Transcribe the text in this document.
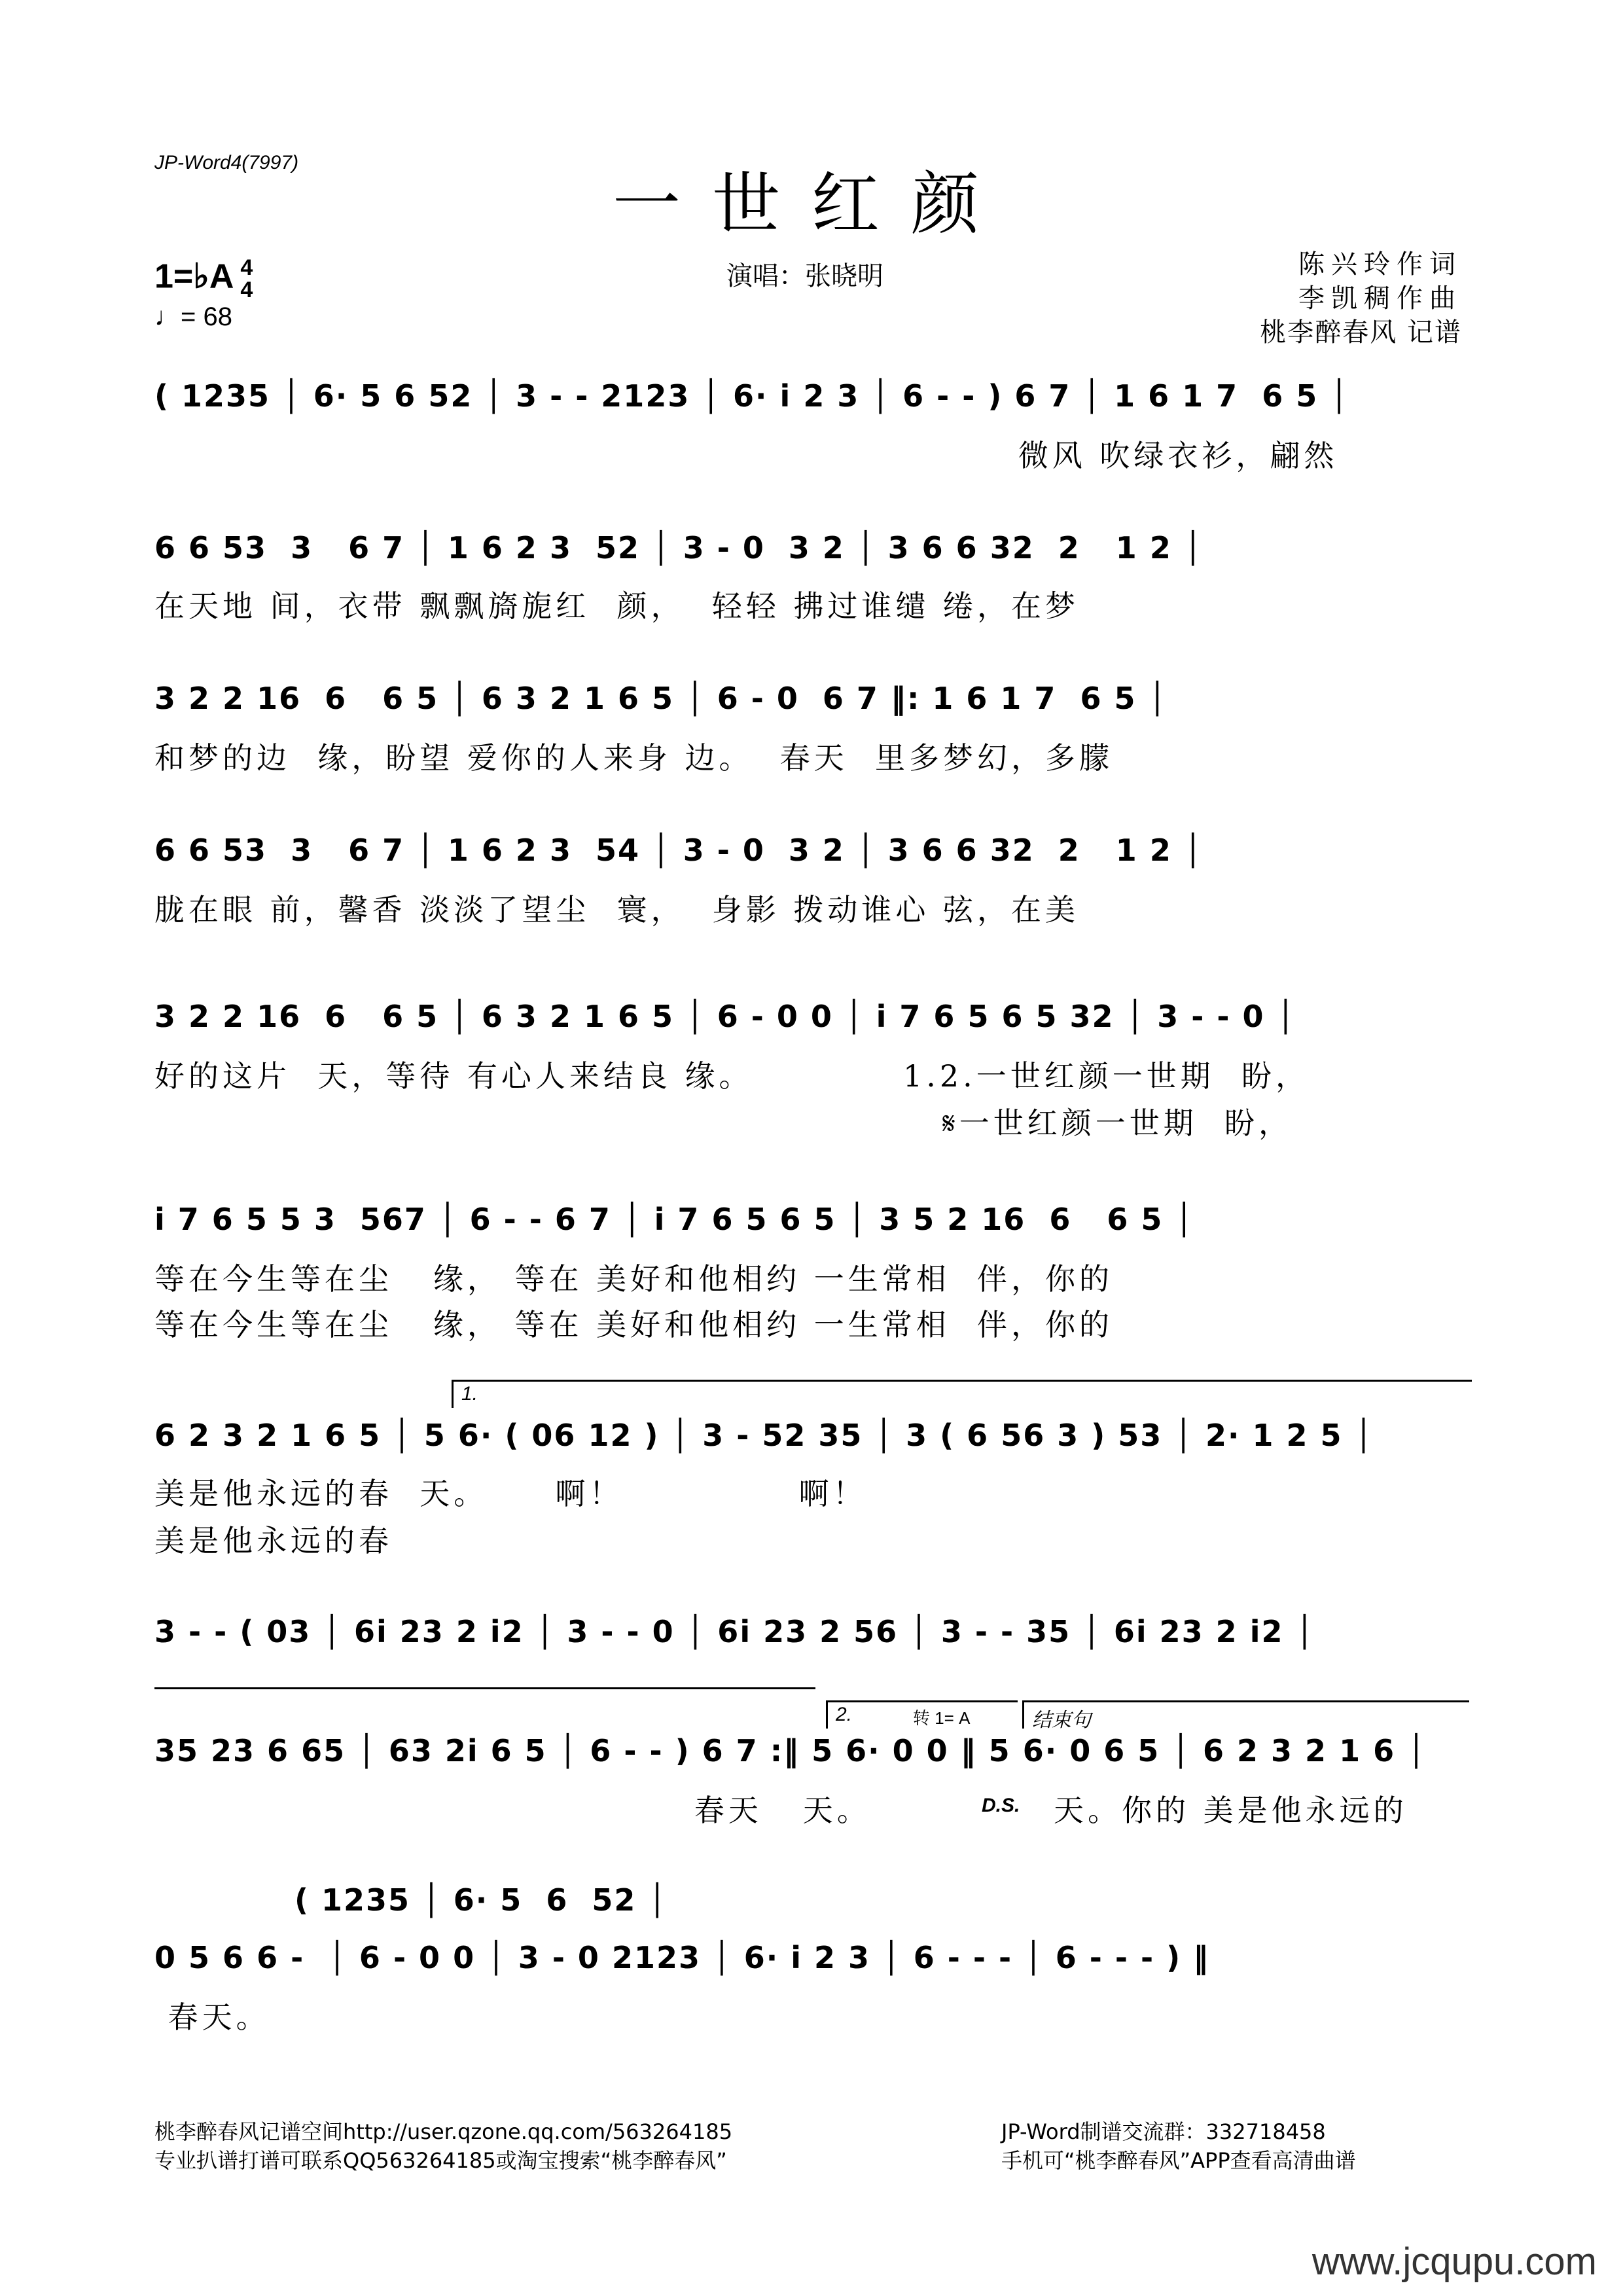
JP-Word4(7997)
一世红颜
1=♭A 4
4
♩= 68
演唱：张晓明	陈兴玲作词
李凯稠作曲
桃李醉春风 记谱
( 1235 │ 6· 5 6 52 │ 3 - - 2123 │ 6· i 2 3 │ 6 - - ) 6 7 │ 1 6 1 7  6 5 │
微风 吹绿衣衫，翩然
6 6 53  3   6 7 │ 1 6 2 3  52 │ 3 - 0  3 2 │ 3 6 6 32  2   1 2 │
在天地 间，衣带 飘飘旖旎红  颜，  轻轻 拂过谁缱 绻，在梦
3 2 2 16  6   6 5 │ 6 3 2 1 6 5 │ 6 - 0  6 7 ‖: 1 6 1 7  6 5 │
和梦的边  缘，盼望 爱你的人来身 边。  春天  里多梦幻，多朦
6 6 53  3   6 7 │ 1 6 2 3  54 │ 3 - 0  3 2 │ 3 6 6 32  2   1 2 │
胧在眼 前，馨香 淡淡了望尘  寰，  身影 拨动谁心 弦，在美
3 2 2 16  6   6 5 │ 6 3 2 1 6 5 │ 6 - 0 0 │ i 7 6 5 6 5 32 │ 3 - - 0 │
好的这片  天，等待 有心人来结良 缘。	1.2.一世红颜一世期  盼，
𝄋一世红颜一世期  盼，
i 7 6 5 5 3  567 │ 6 - - 6 7 │ i 7 6 5 6 5 │ 3 5 2 16  6   6 5 │
等在今生等在尘   缘， 等在 美好和他相约 一生常相  伴，你的
等在今生等在尘   缘， 等在 美好和他相约 一生常相  伴，你的
1.
6 2 3 2 1 6 5 │ 5 6· ( 06 12 ) │ 3 - 52 35 │ 3 ( 6 56 3 ) 53 │ 2· 1 2 5 │
美是他永远的春  天。     啊！             啊！
美是他永远的春
3 - - ( 03 │ 6i 23 2 i2 │ 3 - - 0 │ 6i 23 2 56 │ 3 - - 35 │ 6i 23 2 i2 │
2.	转 1= A	结束句
35 23 6 65 │ 63 2i 6 5 │ 6 - - ) 6 7 :‖ 5 6· 0 0 ‖ 5 6· 0 6 5 │ 6 2 3 2 1 6 │
春天   天。	D.S. 天。你的 美是他永远的
( 1235 │ 6· 5  6  52 │
0 5 6 6 -  │ 6 - 0 0 │ 3 - 0 2123 │ 6· i 2 3 │ 6 - - - │ 6 - - - ) ‖
春天。
桃李醉春风记谱空间http://user.qzone.qq.com/563264185
专业扒谱打谱可联系QQ563264185或淘宝搜索“桃李醉春风”
JP-Word制谱交流群：332718458
手机可“桃李醉春风”APP查看高清曲谱
www.jcqupu.com
